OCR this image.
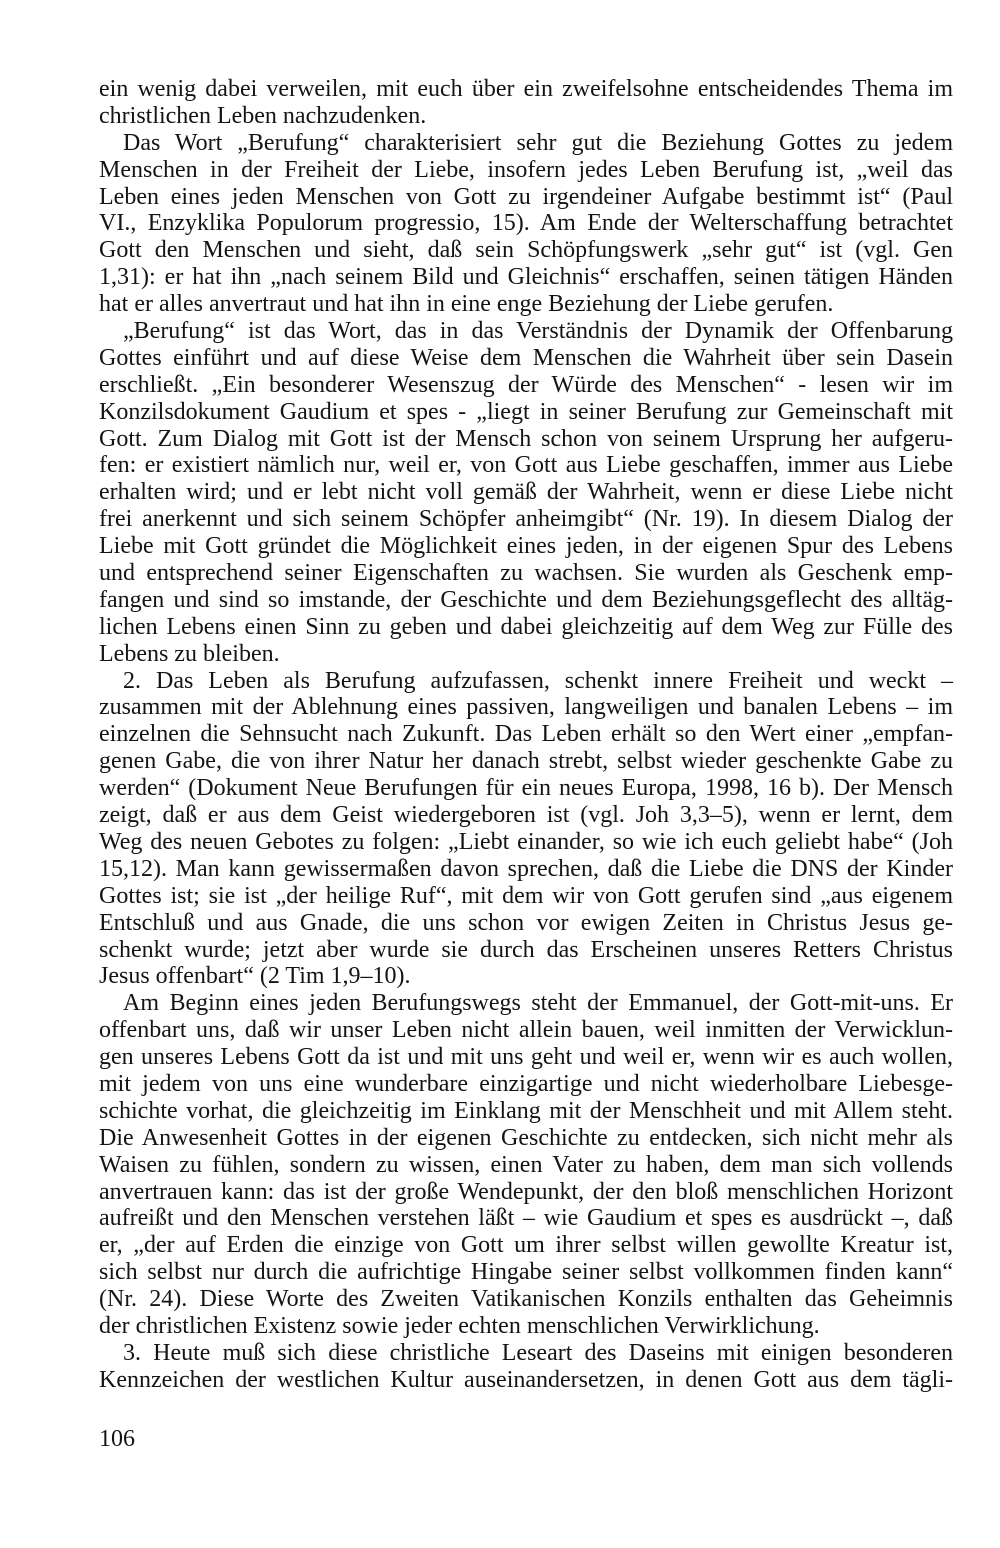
ein wenig dabei verweilen, mit euch über ein zweifelsohne entscheidendes Thema im
christlichen Leben nachzudenken.
Das Wort „Berufung“ charakterisiert sehr gut die Beziehung Gottes zu jedem
Menschen in der Freiheit der Liebe, insofern jedes Leben Berufung ist, „weil das
Leben eines jeden Menschen von Gott zu irgendeiner Aufgabe bestimmt ist“ (Paul
VI., Enzyklika Populorum progressio, 15). Am Ende der Welterschaffung betrachtet
Gott den Menschen und sieht, daß sein Schöpfungswerk „sehr gut“ ist (vgl. Gen
1,31): er hat ihn „nach seinem Bild und Gleichnis“ erschaffen, seinen tätigen Händen
hat er alles anvertraut und hat ihn in eine enge Beziehung der Liebe gerufen.
„Berufung“ ist das Wort, das in das Verständnis der Dynamik der Offenbarung
Gottes einführt und auf diese Weise dem Menschen die Wahrheit über sein Dasein
erschließt. „Ein besonderer Wesenszug der Würde des Menschen“ - lesen wir im
Konzilsdokument Gaudium et spes - „liegt in seiner Berufung zur Gemeinschaft mit
Gott. Zum Dialog mit Gott ist der Mensch schon von seinem Ursprung her aufgeru-
fen: er existiert nämlich nur, weil er, von Gott aus Liebe geschaffen, immer aus Liebe
erhalten wird; und er lebt nicht voll gemäß der Wahrheit, wenn er diese Liebe nicht
frei anerkennt und sich seinem Schöpfer anheimgibt“ (Nr. 19). In diesem Dialog der
Liebe mit Gott gründet die Möglichkeit eines jeden, in der eigenen Spur des Lebens
und entsprechend seiner Eigenschaften zu wachsen. Sie wurden als Geschenk emp-
fangen und sind so imstande, der Geschichte und dem Beziehungsgeflecht des alltäg-
lichen Lebens einen Sinn zu geben und dabei gleichzeitig auf dem Weg zur Fülle des
Lebens zu bleiben.
2. Das Leben als Berufung aufzufassen, schenkt innere Freiheit und weckt –
zusammen mit der Ablehnung eines passiven, langweiligen und banalen Lebens – im
einzelnen die Sehnsucht nach Zukunft. Das Leben erhält so den Wert einer „empfan-
genen Gabe, die von ihrer Natur her danach strebt, selbst wieder geschenkte Gabe zu
werden“ (Dokument Neue Berufungen für ein neues Europa, 1998, 16 b). Der Mensch
zeigt, daß er aus dem Geist wiedergeboren ist (vgl. Joh 3,3–5), wenn er lernt, dem
Weg des neuen Gebotes zu folgen: „Liebt einander, so wie ich euch geliebt habe“ (Joh
15,12). Man kann gewissermaßen davon sprechen, daß die Liebe die DNS der Kinder
Gottes ist; sie ist „der heilige Ruf“, mit dem wir von Gott gerufen sind „aus eigenem
Entschluß und aus Gnade, die uns schon vor ewigen Zeiten in Christus Jesus ge-
schenkt wurde; jetzt aber wurde sie durch das Erscheinen unseres Retters Christus
Jesus offenbart“ (2 Tim 1,9–10).
Am Beginn eines jeden Berufungswegs steht der Emmanuel, der Gott-mit-uns. Er
offenbart uns, daß wir unser Leben nicht allein bauen, weil inmitten der Verwicklun-
gen unseres Lebens Gott da ist und mit uns geht und weil er, wenn wir es auch wollen,
mit jedem von uns eine wunderbare einzigartige und nicht wiederholbare Liebesge-
schichte vorhat, die gleichzeitig im Einklang mit der Menschheit und mit Allem steht.
Die Anwesenheit Gottes in der eigenen Geschichte zu entdecken, sich nicht mehr als
Waisen zu fühlen, sondern zu wissen, einen Vater zu haben, dem man sich vollends
anvertrauen kann: das ist der große Wendepunkt, der den bloß menschlichen Horizont
aufreißt und den Menschen verstehen läßt – wie Gaudium et spes es ausdrückt –, daß
er, „der auf Erden die einzige von Gott um ihrer selbst willen gewollte Kreatur ist,
sich selbst nur durch die aufrichtige Hingabe seiner selbst vollkommen finden kann“
(Nr. 24). Diese Worte des Zweiten Vatikanischen Konzils enthalten das Geheimnis
der christlichen Existenz sowie jeder echten menschlichen Verwirklichung.
3. Heute muß sich diese christliche Leseart des Daseins mit einigen besonderen
Kennzeichen der westlichen Kultur auseinandersetzen, in denen Gott aus dem tägli-
106
